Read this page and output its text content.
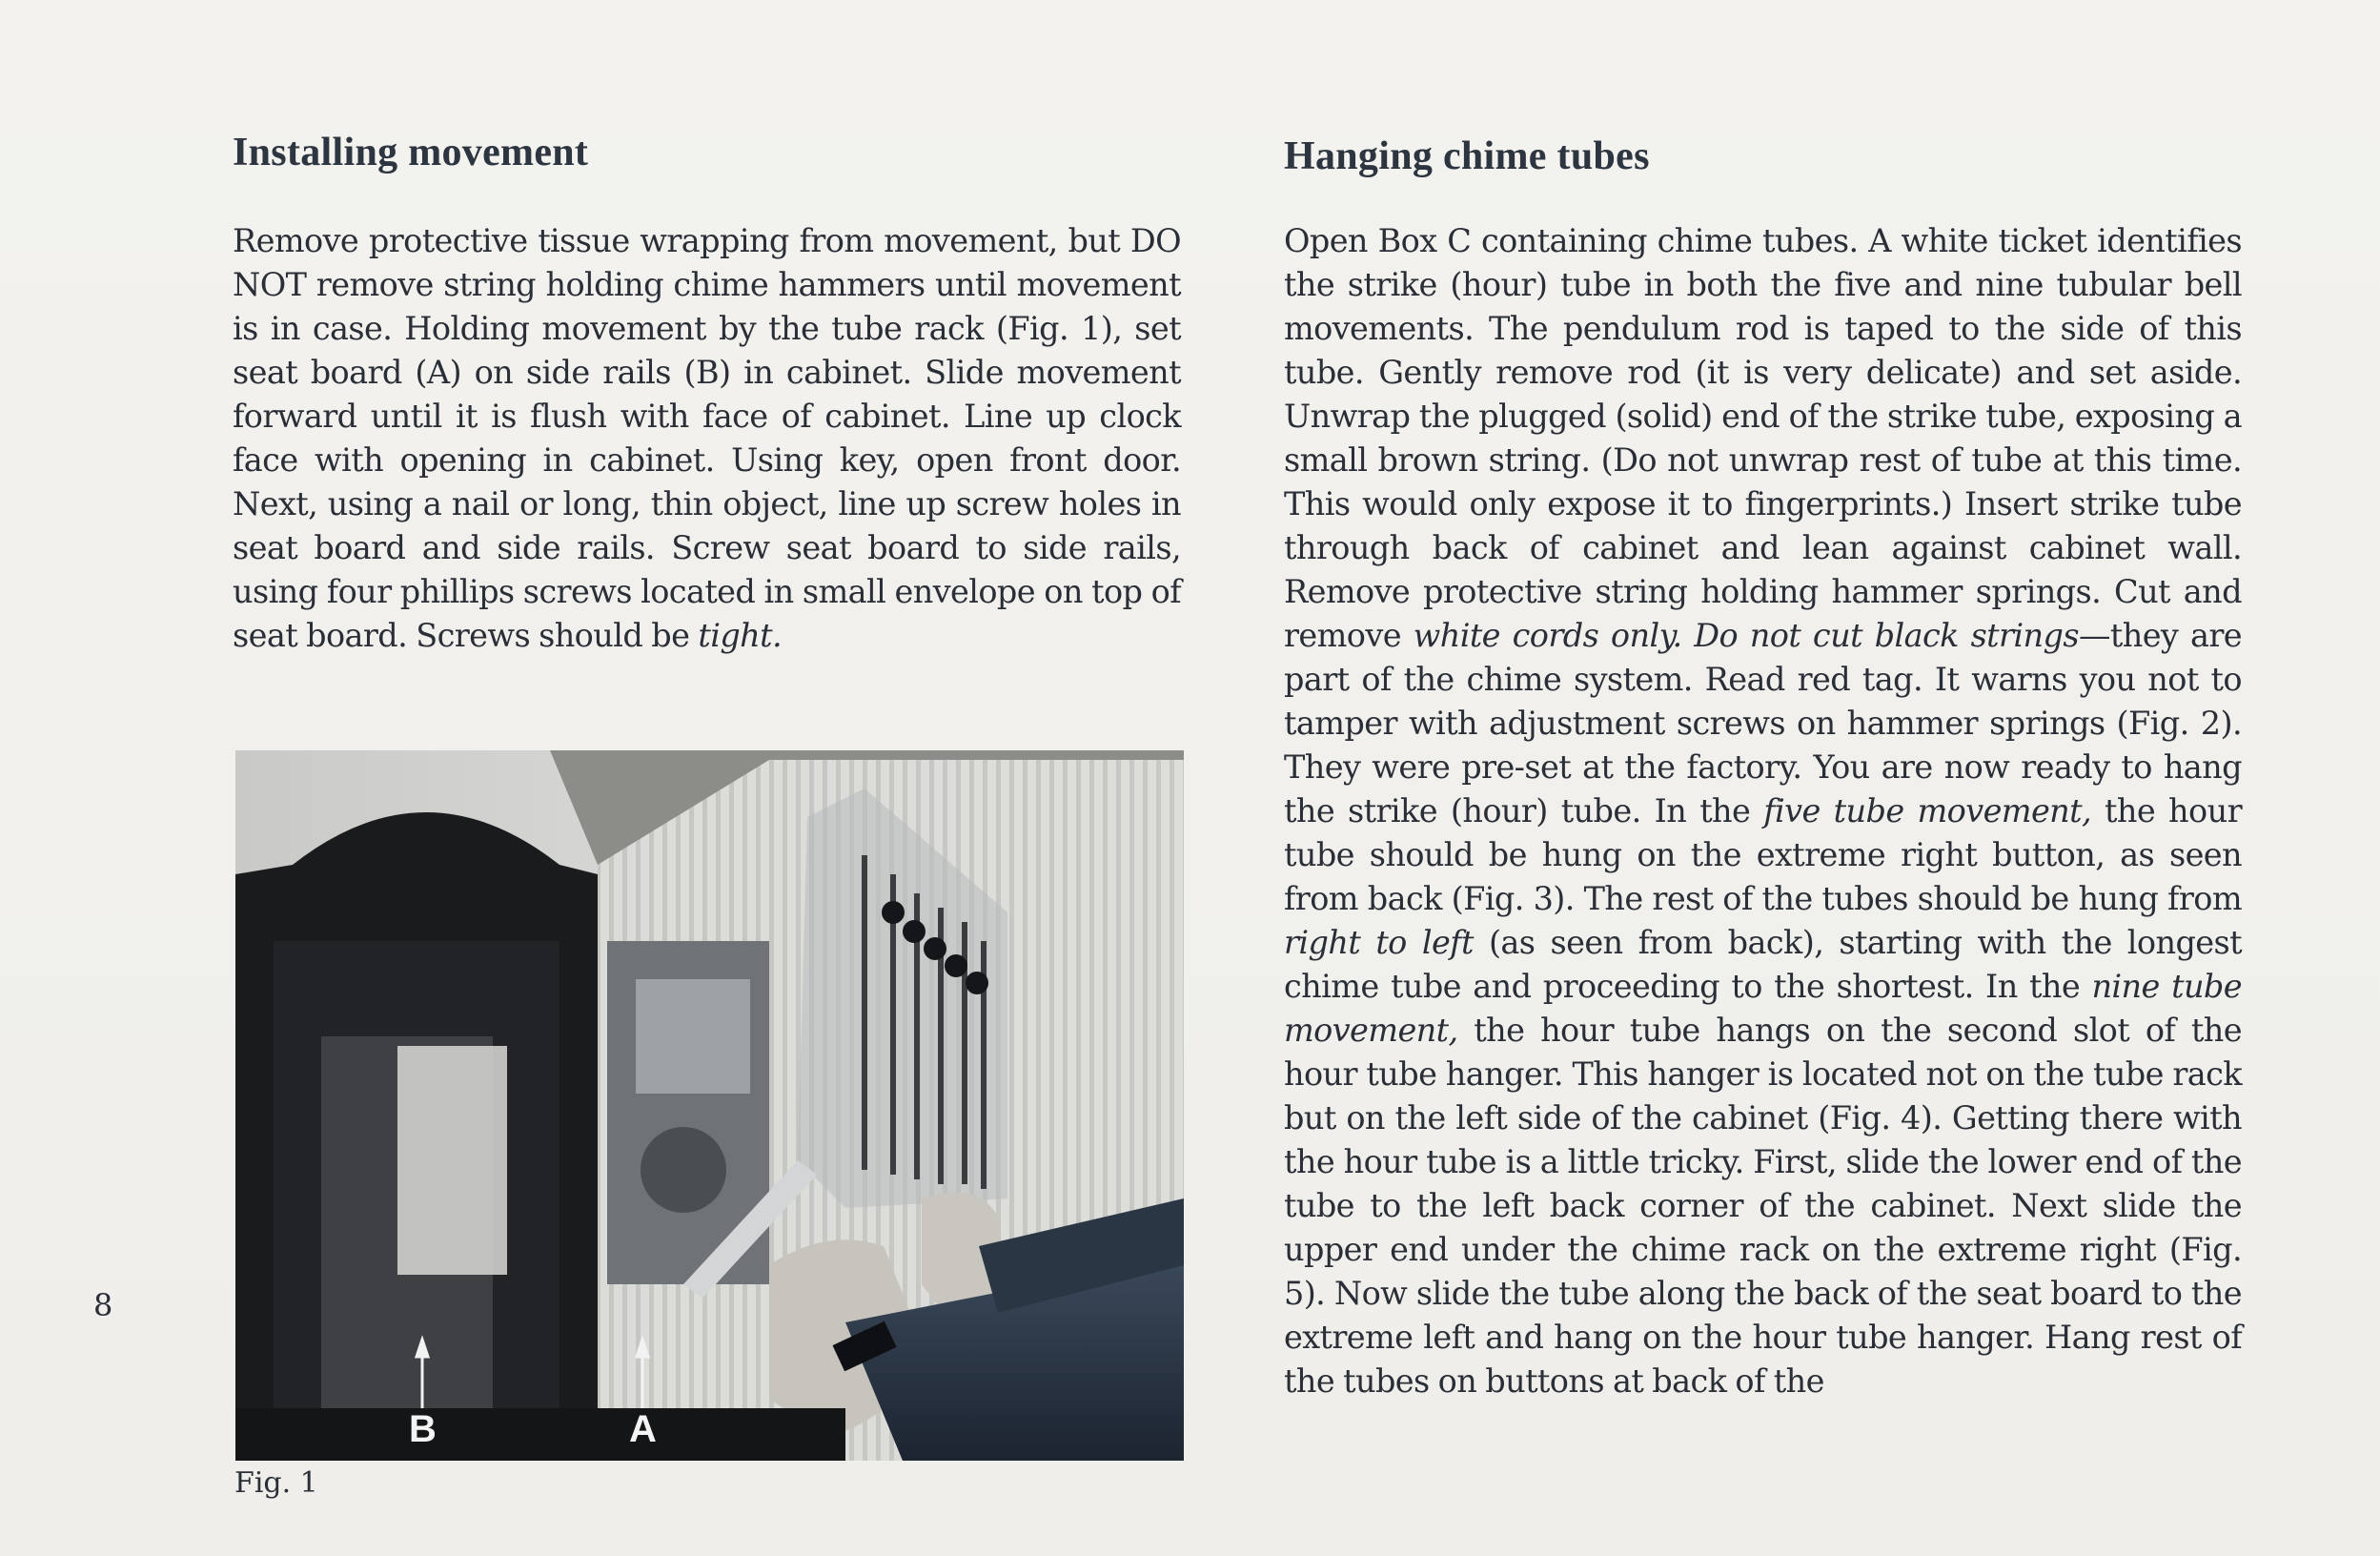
Installing movement

Remove protective tissue wrapping from movement, but DO NOT remove string holding chime hammers until movement is in case. Holding movement by the tube rack (Fig. 1), set seat board (A) on side rails (B) in cabinet. Slide movement forward until it is flush with face of cabinet. Line up clock face with opening in cabinet. Using key, open front door. Next, using a nail or long, thin object, line up screw holes in seat board and side rails. Screw seat board to side rails, using four phillips screws located in small envelope on top of seat board. Screws should be tight.

B	A
Fig. 1
8
Hanging chime tubes

Open Box C containing chime tubes. A white ticket identifies the strike (hour) tube in both the five and nine tubular bell movements. The pendulum rod is taped to the side of this tube. Gently remove rod (it is very delicate) and set aside. Unwrap the plugged (solid) end of the strike tube, exposing a small brown string. (Do not unwrap rest of tube at this time. This would only expose it to fingerprints.) Insert strike tube through back of cabinet and lean against cabinet wall. Remove protective string holding hammer springs. Cut and remove white cords only. Do not cut black strings—they are part of the chime system. Read red tag. It warns you not to tamper with adjustment screws on hammer springs (Fig. 2). They were pre-set at the factory. You are now ready to hang the strike (hour) tube. In the five tube movement, the hour tube should be hung on the extreme right button, as seen from back (Fig. 3). The rest of the tubes should be hung from right to left (as seen from back), starting with the longest chime tube and proceeding to the shortest. In the nine tube movement, the hour tube hangs on the second slot of the hour tube hanger. This hanger is located not on the tube rack but on the left side of the cabinet (Fig. 4). Getting there with the hour tube is a little tricky. First, slide the lower end of the tube to the left back corner of the cabinet. Next slide the upper end under the chime rack on the extreme right (Fig. 5). Now slide the tube along the back of the seat board to the extreme left and hang on the hour tube hanger. Hang rest of the tubes on buttons at back of the
